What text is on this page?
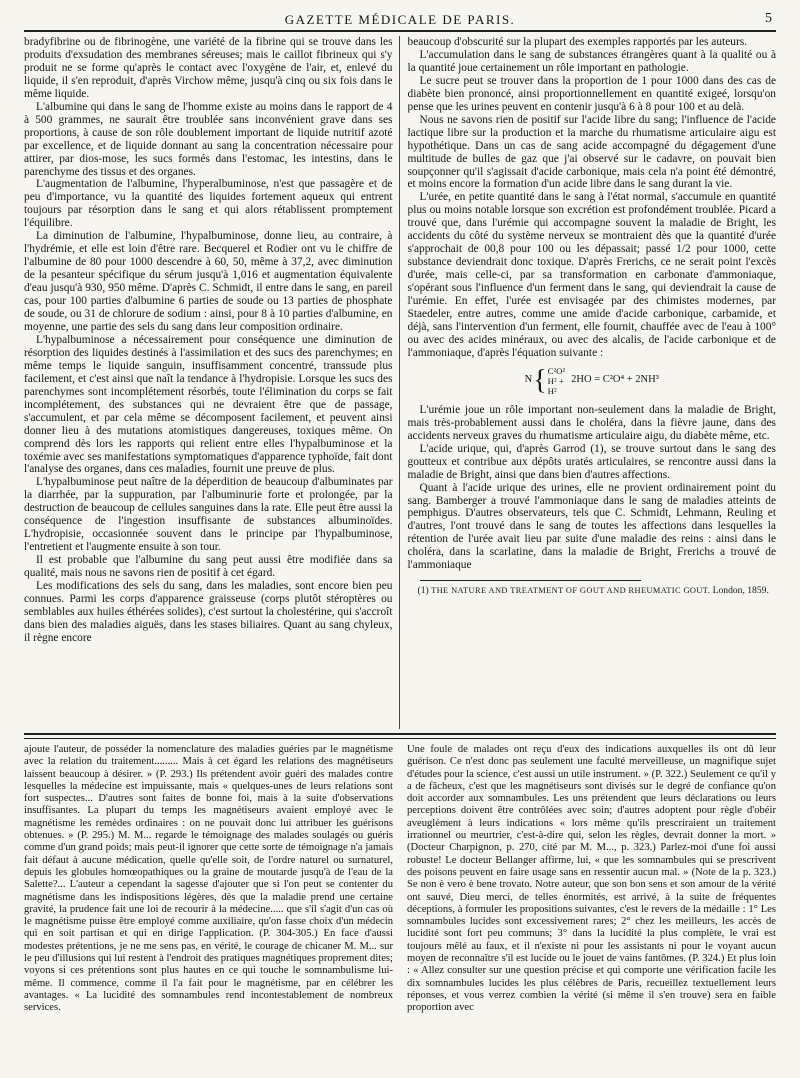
GAZETTE MÉDICALE DE PARIS.	5

bradyfibrine ou de fibrinogène, une variété de la fibrine qui se trouve dans les produits d'exsudation des membranes séreuses; mais le caillot fibrineux qui s'y produit ne se forme qu'après le contact avec l'oxygène de l'air, et, enlevé du liquide, il s'en reproduit, d'après Virchow même, jusqu'à cinq ou six fois dans le même liquide.

L'albumine qui dans le sang de l'homme existe au moins dans le rapport de 4 à 500 grammes, ne saurait être troublée sans inconvénient grave dans ses proportions, à cause de son rôle doublement important de liquide nutritif azoté par excellence, et de liquide donnant au sang la concentration nécessaire pour attirer, par dios-mose, les sucs formés dans l'estomac, les intestins, dans le parenchyme des tissus et des organes.

L'augmentation de l'albumine, l'hyperalbuminose, n'est que passagère et de peu d'importance, vu la quantité des liquides fortement aqueux qui entrent toujours par résorption dans le sang et qui alors rétablissent promptement l'équilibre.

La diminution de l'albumine, l'hypalbuminose, donne lieu, au contraire, à l'hydrémie, et elle est loin d'être rare. Becquerel et Rodier ont vu le chiffre de l'albumine de 80 pour 1000 descendre à 60, 50, même à 37,2, avec diminution de la pesanteur spécifique du sérum jusqu'à 1,016 et augmentation équivalente d'eau jusqu'à 930, 950 même. D'après C. Schmidt, il entre dans le sang, en pareil cas, pour 100 parties d'albumine 6 parties de soude ou 13 parties de phosphate de soude, ou 31 de chlorure de sodium : ainsi, pour 8 à 10 parties d'albumine, en moyenne, une partie des sels du sang dans leur composition ordinaire.

L'hypalbuminose a nécessairement pour conséquence une diminution de résorption des liquides destinés à l'assimilation et des sucs des parenchymes; en même temps le liquide sanguin, insuffisamment concentré, transsude plus facilement, et c'est ainsi que naît la tendance à l'hydropisie. Lorsque les sucs des parenchymes sont incomplétement résorbés, toute l'élimination du corps se fait incomplétement, des substances qui ne devraient être que de passage, s'accumulent, et par cela même se décomposent facilement, et peuvent ainsi donner lieu à des mutations atomistiques dangereuses, toxiques même. On comprend dès lors les rapports qui relient entre elles l'hypalbuminose et la toxémie avec ses manifestations symptomatiques d'apparence typhoïde, fait dont l'analyse des organes, dans ces maladies, fournit une preuve de plus.

L'hypalbuminose peut naître de la déperdition de beaucoup d'albuminates par la diarrhée, par la suppuration, par l'albuminurie forte et prolongée, par la destruction de beaucoup de cellules sanguines dans la rate. Elle peut être aussi la conséquence de l'ingestion insuffisante de substances albuminoïdes. L'hydropisie, occasionnée souvent dans le principe par l'hypalbuminose, l'entretient et l'augmente ensuite à son tour.

Il est probable que l'albumine du sang peut aussi être modifiée dans sa qualité, mais nous ne savons rien de positif à cet égard.

Les modifications des sels du sang, dans les maladies, sont encore bien peu connues. Parmi les corps d'apparence graisseuse (corps plutôt stéroptères ou semblables aux huiles éthérées solides), c'est surtout la cholestérine, qui s'accroît dans bien des maladies aiguës, dans les stases biliaires. Quant au sang chyleux, il règne encore

beaucoup d'obscurité sur la plupart des exemples rapportés par les auteurs.

L'accumulation dans le sang de substances étrangères quant à la qualité ou à la quantité joue certainement un rôle important en pathologie.

Le sucre peut se trouver dans la proportion de 1 pour 1000 dans des cas de diabète bien prononcé, ainsi proportionnellement en quantité exigeé, lorsqu'on pense que les urines peuvent en contenir jusqu'à 6 à 8 pour 100 et au delà.

Nous ne savons rien de positif sur l'acide libre du sang; l'influence de l'acide lactique libre sur la production et la marche du rhumatisme articulaire aigu est hypothétique. Dans un cas de sang acide accompagné du dégagement d'une multitude de bulles de gaz que j'ai observé sur le cadavre, on pouvait bien soupçonner qu'il s'agissait d'acide carbonique, mais cela n'a point été démontré, et moins encore la formation d'un acide libre dans le sang durant la vie.

L'urée, en petite quantité dans le sang à l'état normal, s'accumule en quantité plus ou moins notable lorsque son excrétion est profondément troublée. Picard a trouvé que, dans l'urémie qui accompagne souvent la maladie de Bright, les accidents du côté du système nerveux se montraient dès que la quantité d'urée s'approchait de 00,8 pour 100 ou les dépassait; passé 1/2 pour 1000, cette substance deviendrait donc toxique. D'après Frerichs, ce ne serait point l'excès d'urée, mais celle-ci, par sa transformation en carbonate d'ammoniaque, s'opérant sous l'influence d'un ferment dans le sang, qui deviendrait la cause de l'urémie. En effet, l'urée est envisagée par des chimistes modernes, par Staedeler, entre autres, comme une amide d'acide carbonique, carbamide, et déjà, sans l'intervention d'un ferment, elle fournit, chauffée avec de l'eau à 100° ou avec des acides minéraux, ou avec des alcalis, de l'acide carbonique et de l'ammoniaque, d'après l'équation suivante :

N { C²O²
H² +
H²
2HO = C²O⁴ + 2NH³

L'urémie joue un rôle important non-seulement dans la maladie de Bright, mais très-probablement aussi dans le choléra, dans la fièvre jaune, dans des accidents nerveux graves du rhumatisme articulaire aigu, du diabète même, etc.

L'acide urique, qui, d'après Garrod (1), se trouve surtout dans le sang des goutteux et contribue aux dépôts uratés articulaires, se rencontre aussi dans la maladie de Bright, ainsi que dans bien d'autres affections.

Quant à l'acide urique des urines, elle ne provient ordinairement point du sang. Bamberger a trouvé l'ammoniaque dans le sang de maladies atteints de pemphigus. D'autres observateurs, tels que C. Schmidt, Lehmann, Reuling et d'autres, l'ont trouvé dans le sang de toutes les affections dans lesquelles la rétention de l'urée avait lieu par suite d'une maladie des reins : ainsi dans le choléra, dans la scarlatine, dans la maladie de Bright, Frerichs a trouvé de l'ammoniaque

(1) THE NATURE AND TREATMENT OF GOUT AND RHEUMATIC GOUT. London, 1859.

ajoute l'auteur, de posséder la nomenclature des maladies guéries par le magnétisme avec la relation du traitement......... Mais à cet égard les relations des magnétiseurs laissent beaucoup à désirer. » (P. 293.) Ils prétendent avoir guéri des malades contre lesquelles la médecine est impuissante, mais « quelques-unes de leurs relations sont fort suspectes... D'autres sont faites de bonne foi, mais à la suite d'observations insuffisantes. La plupart du temps les magnétiseurs avaient employé avec le magnétisme les remèdes ordinaires : on ne pouvait donc lui attribuer les guérisons obtenues. » (P. 295.) M. M... regarde le témoignage des malades soulagés ou guéris comme d'un grand poids; mais peut-il ignorer que cette sorte de témoignage n'a jamais fait défaut à aucune médication, quelle qu'elle soit, de l'ordre naturel ou surnaturel, depuis les globules homœopathiques ou la graine de moutarde jusqu'à de l'eau de la Salette?... L'auteur a cependant la sagesse d'ajouter que si l'on peut se contenter du magnétisme dans les indispositions légères, dès que la maladie prend une certaine gravité, la prudence fait une loi de recourir à la médecine..... que s'il s'agit d'un cas où le magnétisme puisse être employé comme auxiliaire, qu'on fasse choix d'un médecin qui en soit partisan et qui en dirige l'application. (P. 304-305.) En face d'aussi modestes prétentions, je ne me sens pas, en vérité, le courage de chicaner M. M... sur le peu d'illusions qui lui restent à l'endroit des pratiques magnétiques proprement dites; voyons si ces prétentions sont plus hautes en ce qui touche le somnambulisme lui-même. Il commence, comme il l'a fait pour le magnétisme, par en célébrer les avantages. « La lucidité des somnambules rend incontestablement de nombreux services.

Une foule de malades ont reçu d'eux des indications auxquelles ils ont dû leur guérison. Ce n'est donc pas seulement une faculté merveilleuse, un magnifique sujet d'études pour la science, c'est aussi un utile instrument. » (P. 322.) Seulement ce qu'il y a de fâcheux, c'est que les magnétiseurs sont divisés sur le degré de confiance qu'on doit accorder aux somnambules. Les uns prétendent que leurs déclarations ou leurs perceptions doivent être contrôlées avec soin; d'autres adoptent pour règle d'obéir aveuglément à leurs indications « lors même qu'ils prescriraient un traitement irrationnel ou meurtrier, c'est-à-dire qui, selon les règles, devrait donner la mort. » (Docteur Charpignon, p. 270, cité par M. M..., p. 323.) Parlez-moi d'une foi aussi robuste! Le docteur Bellanger affirme, lui, « que les somnambules qui se prescrivent des poisons peuvent en faire usage sans en ressentir aucun mal. » (Note de la p. 323.) Se non è vero è bene trovato. Notre auteur, que son bon sens et son amour de la vérité ont sauvé, Dieu merci, de telles énormités, est arrivé, à la suite de fréquentes déceptions, à formuler les propositions suivantes, c'est le revers de la médaille : 1° Les somnambules lucides sont excessivement rares; 2° chez les meilleurs, les accès de lucidité sont fort peu communs; 3° dans la lucidité la plus complète, le vrai est toujours mêlé au faux, et il n'existe ni pour les assistants ni pour le voyant aucun moyen de reconnaître s'il est lucide ou le jouet de vains fantômes. (P. 324.) Et plus loin : « Allez consulter sur une question précise et qui comporte une vérification facile les dix somnambules lucides les plus célèbres de Paris, recueillez textuellement leurs réponses, et vous verrez combien la vérité (si même il s'en trouve) sera en faible proportion avec
